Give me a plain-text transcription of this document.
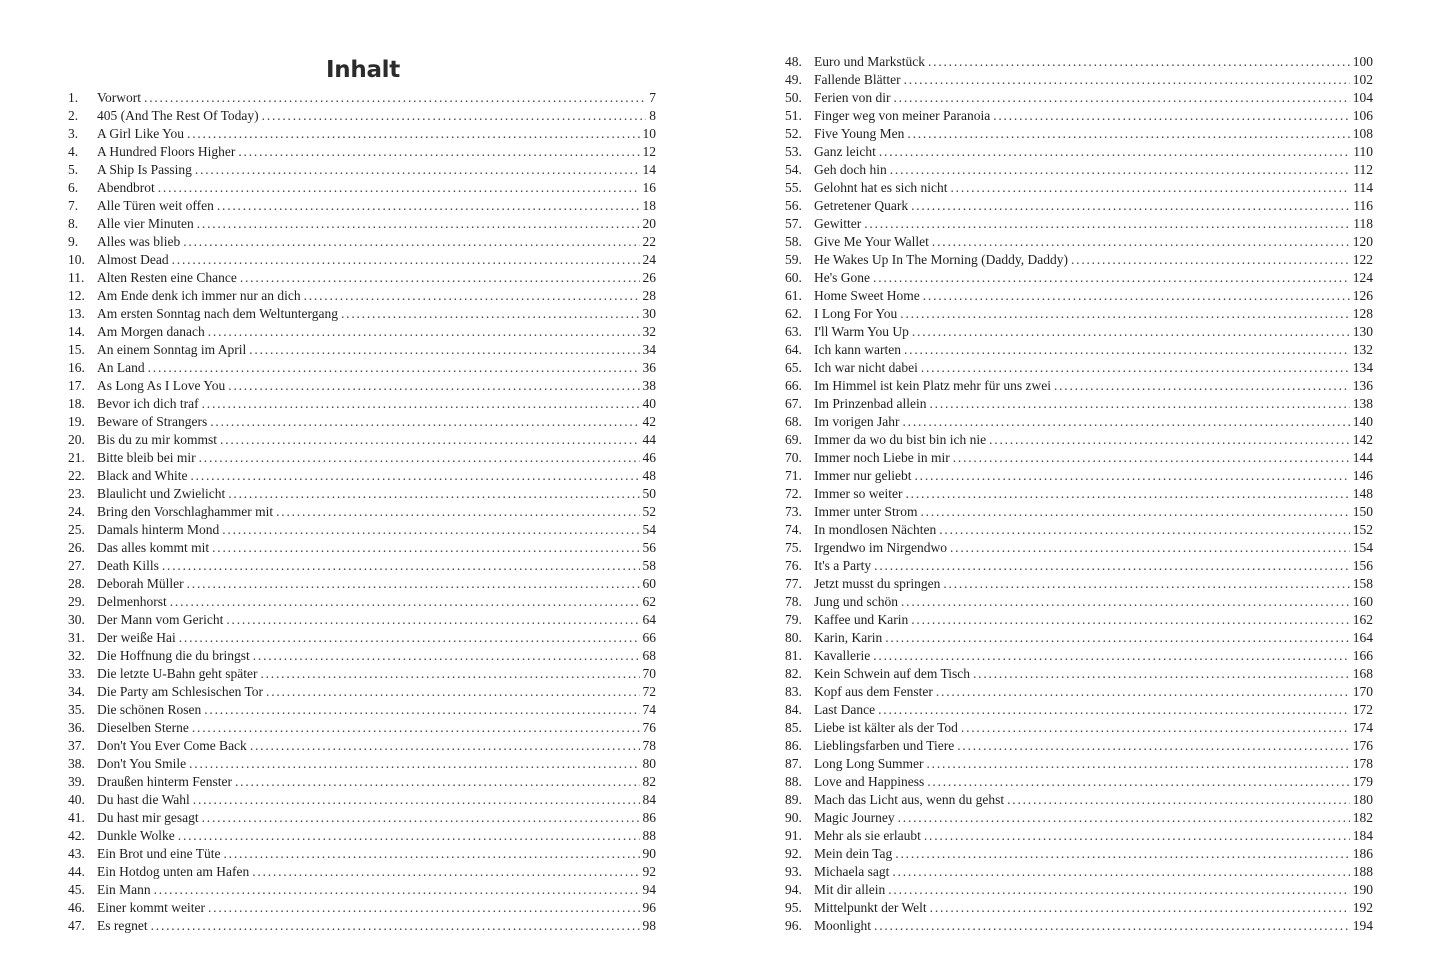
Inhalt
1.	Vorwort .....	7
2.	405 (And The Rest Of Today) .....	8
3.	A Girl Like You .....	10
4.	A Hundred Floors Higher .....	12
5.	A Ship Is Passing .....	14
6.	Abendbrot .....	16
7.	Alle Türen weit offen .....	18
8.	Alle vier Minuten .....	20
9.	Alles was blieb .....	22
10. Almost Dead .....	24
11. Alten Resten eine Chance .....	26
12. Am Ende denk ich immer nur an dich .....	28
13. Am ersten Sonntag nach dem Weltuntergang .....	30
14. Am Morgen danach .....	32
15. An einem Sonntag im April .....	34
16. An Land .....	36
17. As Long As I Love You .....	38
18. Bevor ich dich traf .....	40
19. Beware of Strangers .....	42
20. Bis du zu mir kommst .....	44
21. Bitte bleib bei mir .....	46
22. Black and White .....	48
23. Blaulicht und Zwielicht .....	50
24. Bring den Vorschlaghammer mit .....	52
25. Damals hinterm Mond .....	54
26. Das alles kommt mit .....	56
27. Death Kills .....	58
28. Deborah Müller .....	60
29. Delmenhorst .....	62
30. Der Mann vom Gericht .....	64
31. Der weiße Hai .....	66
32. Die Hoffnung die du bringst .....	68
33. Die letzte U-Bahn geht später .....	70
34. Die Party am Schlesischen Tor .....	72
35. Die schönen Rosen .....	74
36. Dieselben Sterne .....	76
37. Don't You Ever Come Back .....	78
38. Don't You Smile .....	80
39. Draußen hinterm Fenster .....	82
40. Du hast die Wahl .....	84
41. Du hast mir gesagt .....	86
42. Dunkle Wolke .....	88
43. Ein Brot und eine Tüte .....	90
44. Ein Hotdog unten am Hafen .....	92
45. Ein Mann .....	94
46. Einer kommt weiter .....	96
47. Es regnet .....	98
48. Euro und Markstück .....	100
49. Fallende Blätter .....	102
50. Ferien von dir .....	104
51. Finger weg von meiner Paranoia .....	106
52. Five Young Men .....	108
53. Ganz leicht .....	110
54. Geh doch hin .....	112
55. Gelohnt hat es sich nicht .....	114
56. Getretener Quark .....	116
57. Gewitter .....	118
58. Give Me Your Wallet .....	120
59. He Wakes Up In The Morning (Daddy, Daddy) .....	122
60. He's Gone .....	124
61. Home Sweet Home .....	126
62. I Long For You .....	128
63. I'll Warm You Up .....	130
64. Ich kann warten .....	132
65. Ich war nicht dabei .....	134
66. Im Himmel ist kein Platz mehr für uns zwei .....	136
67. Im Prinzenbad allein .....	138
68. Im vorigen Jahr .....	140
69. Immer da wo du bist bin ich nie .....	142
70. Immer noch Liebe in mir .....	144
71. Immer nur geliebt .....	146
72. Immer so weiter .....	148
73. Immer unter Strom .....	150
74. In mondlosen Nächten .....	152
75. Irgendwo im Nirgendwo .....	154
76. It's a Party .....	156
77. Jetzt musst du springen .....	158
78. Jung und schön .....	160
79. Kaffee und Karin .....	162
80. Karin, Karin .....	164
81. Kavallerie .....	166
82. Kein Schwein auf dem Tisch .....	168
83. Kopf aus dem Fenster .....	170
84. Last Dance .....	172
85. Liebe ist kälter als der Tod .....	174
86. Lieblingsfarben und Tiere .....	176
87. Long Long Summer .....	178
88. Love and Happiness .....	179
89. Mach das Licht aus, wenn du gehst .....	180
90. Magic Journey .....	182
91. Mehr als sie erlaubt .....	184
92. Mein dein Tag .....	186
93. Michaela sagt .....	188
94. Mit dir allein .....	190
95. Mittelpunkt der Welt .....	192
96. Moonlight .....	194
